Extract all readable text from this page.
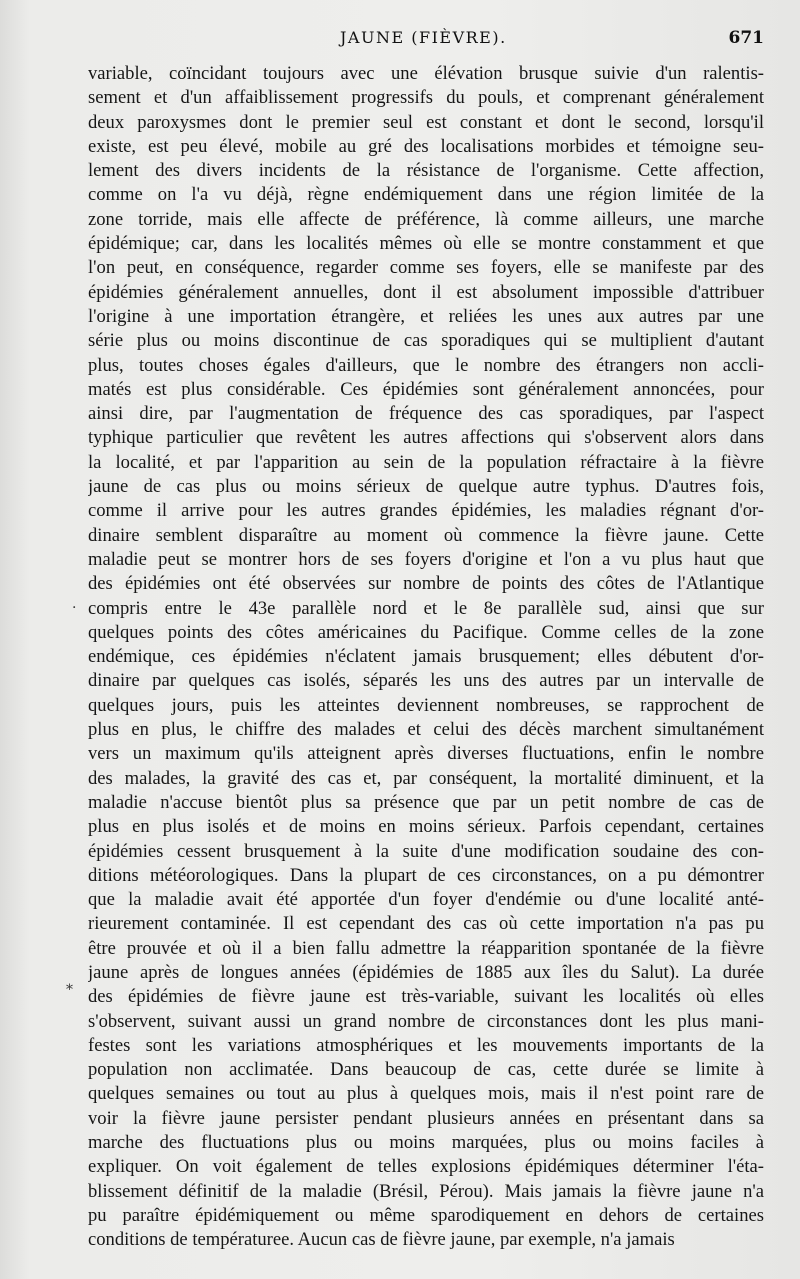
JAUNE (FIÈVRE).	671
variable, coïncidant toujours avec une élévation brusque suivie d'un ralentis-
sement et d'un affaiblissement progressifs du pouls, et comprenant généralement
deux paroxysmes dont le premier seul est constant et dont le second, lorsqu'il
existe, est peu élevé, mobile au gré des localisations morbides et témoigne seu-
lement des divers incidents de la résistance de l'organisme. Cette affection,
comme on l'a vu déjà, règne endémiquement dans une région limitée de la
zone torride, mais elle affecte de préférence, là comme ailleurs, une marche
épidémique; car, dans les localités mêmes où elle se montre constamment et que
l'on peut, en conséquence, regarder comme ses foyers, elle se manifeste par des
épidémies généralement annuelles, dont il est absolument impossible d'attribuer
l'origine à une importation étrangère, et reliées les unes aux autres par une
série plus ou moins discontinue de cas sporadiques qui se multiplient d'autant
plus, toutes choses égales d'ailleurs, que le nombre des étrangers non accli-
matés est plus considérable. Ces épidémies sont généralement annoncées, pour
ainsi dire, par l'augmentation de fréquence des cas sporadiques, par l'aspect
typhique particulier que revêtent les autres affections qui s'observent alors dans
la localité, et par l'apparition au sein de la population réfractaire à la fièvre
jaune de cas plus ou moins sérieux de quelque autre typhus. D'autres fois,
comme il arrive pour les autres grandes épidémies, les maladies régnant d'or-
dinaire semblent disparaître au moment où commence la fièvre jaune. Cette
maladie peut se montrer hors de ses foyers d'origine et l'on a vu plus haut que
des épidémies ont été observées sur nombre de points des côtes de l'Atlantique
compris entre le 43e parallèle nord et le 8e parallèle sud, ainsi que sur
quelques points des côtes américaines du Pacifique. Comme celles de la zone
endémique, ces épidémies n'éclatent jamais brusquement; elles débutent d'or-
dinaire par quelques cas isolés, séparés les uns des autres par un intervalle de
quelques jours, puis les atteintes deviennent nombreuses, se rapprochent de
plus en plus, le chiffre des malades et celui des décès marchent simultanément
vers un maximum qu'ils atteignent après diverses fluctuations, enfin le nombre
des malades, la gravité des cas et, par conséquent, la mortalité diminuent, et la
maladie n'accuse bientôt plus sa présence que par un petit nombre de cas de
plus en plus isolés et de moins en moins sérieux. Parfois cependant, certaines
épidémies cessent brusquement à la suite d'une modification soudaine des con-
ditions météorologiques. Dans la plupart de ces circonstances, on a pu démontrer
que la maladie avait été apportée d'un foyer d'endémie ou d'une localité anté-
rieurement contaminée. Il est cependant des cas où cette importation n'a pas pu
être prouvée et où il a bien fallu admettre la réapparition spontanée de la fièvre
jaune après de longues années (épidémies de 1885 aux îles du Salut). La durée
des épidémies de fièvre jaune est très-variable, suivant les localités où elles
s'observent, suivant aussi un grand nombre de circonstances dont les plus mani-
festes sont les variations atmosphériques et les mouvements importants de la
population non acclimatée. Dans beaucoup de cas, cette durée se limite à
quelques semaines ou tout au plus à quelques mois, mais il n'est point rare de
voir la fièvre jaune persister pendant plusieurs années en présentant dans sa
marche des fluctuations plus ou moins marquées, plus ou moins faciles à
expliquer. On voit également de telles explosions épidémiques déterminer l'éta-
blissement définitif de la maladie (Brésil, Pérou). Mais jamais la fièvre jaune n'a
pu paraître épidémiquement ou même sparodiquement en dehors de certaines
conditions de températuree. Aucun cas de fièvre jaune, par exemple, n'a jamais
·
*
